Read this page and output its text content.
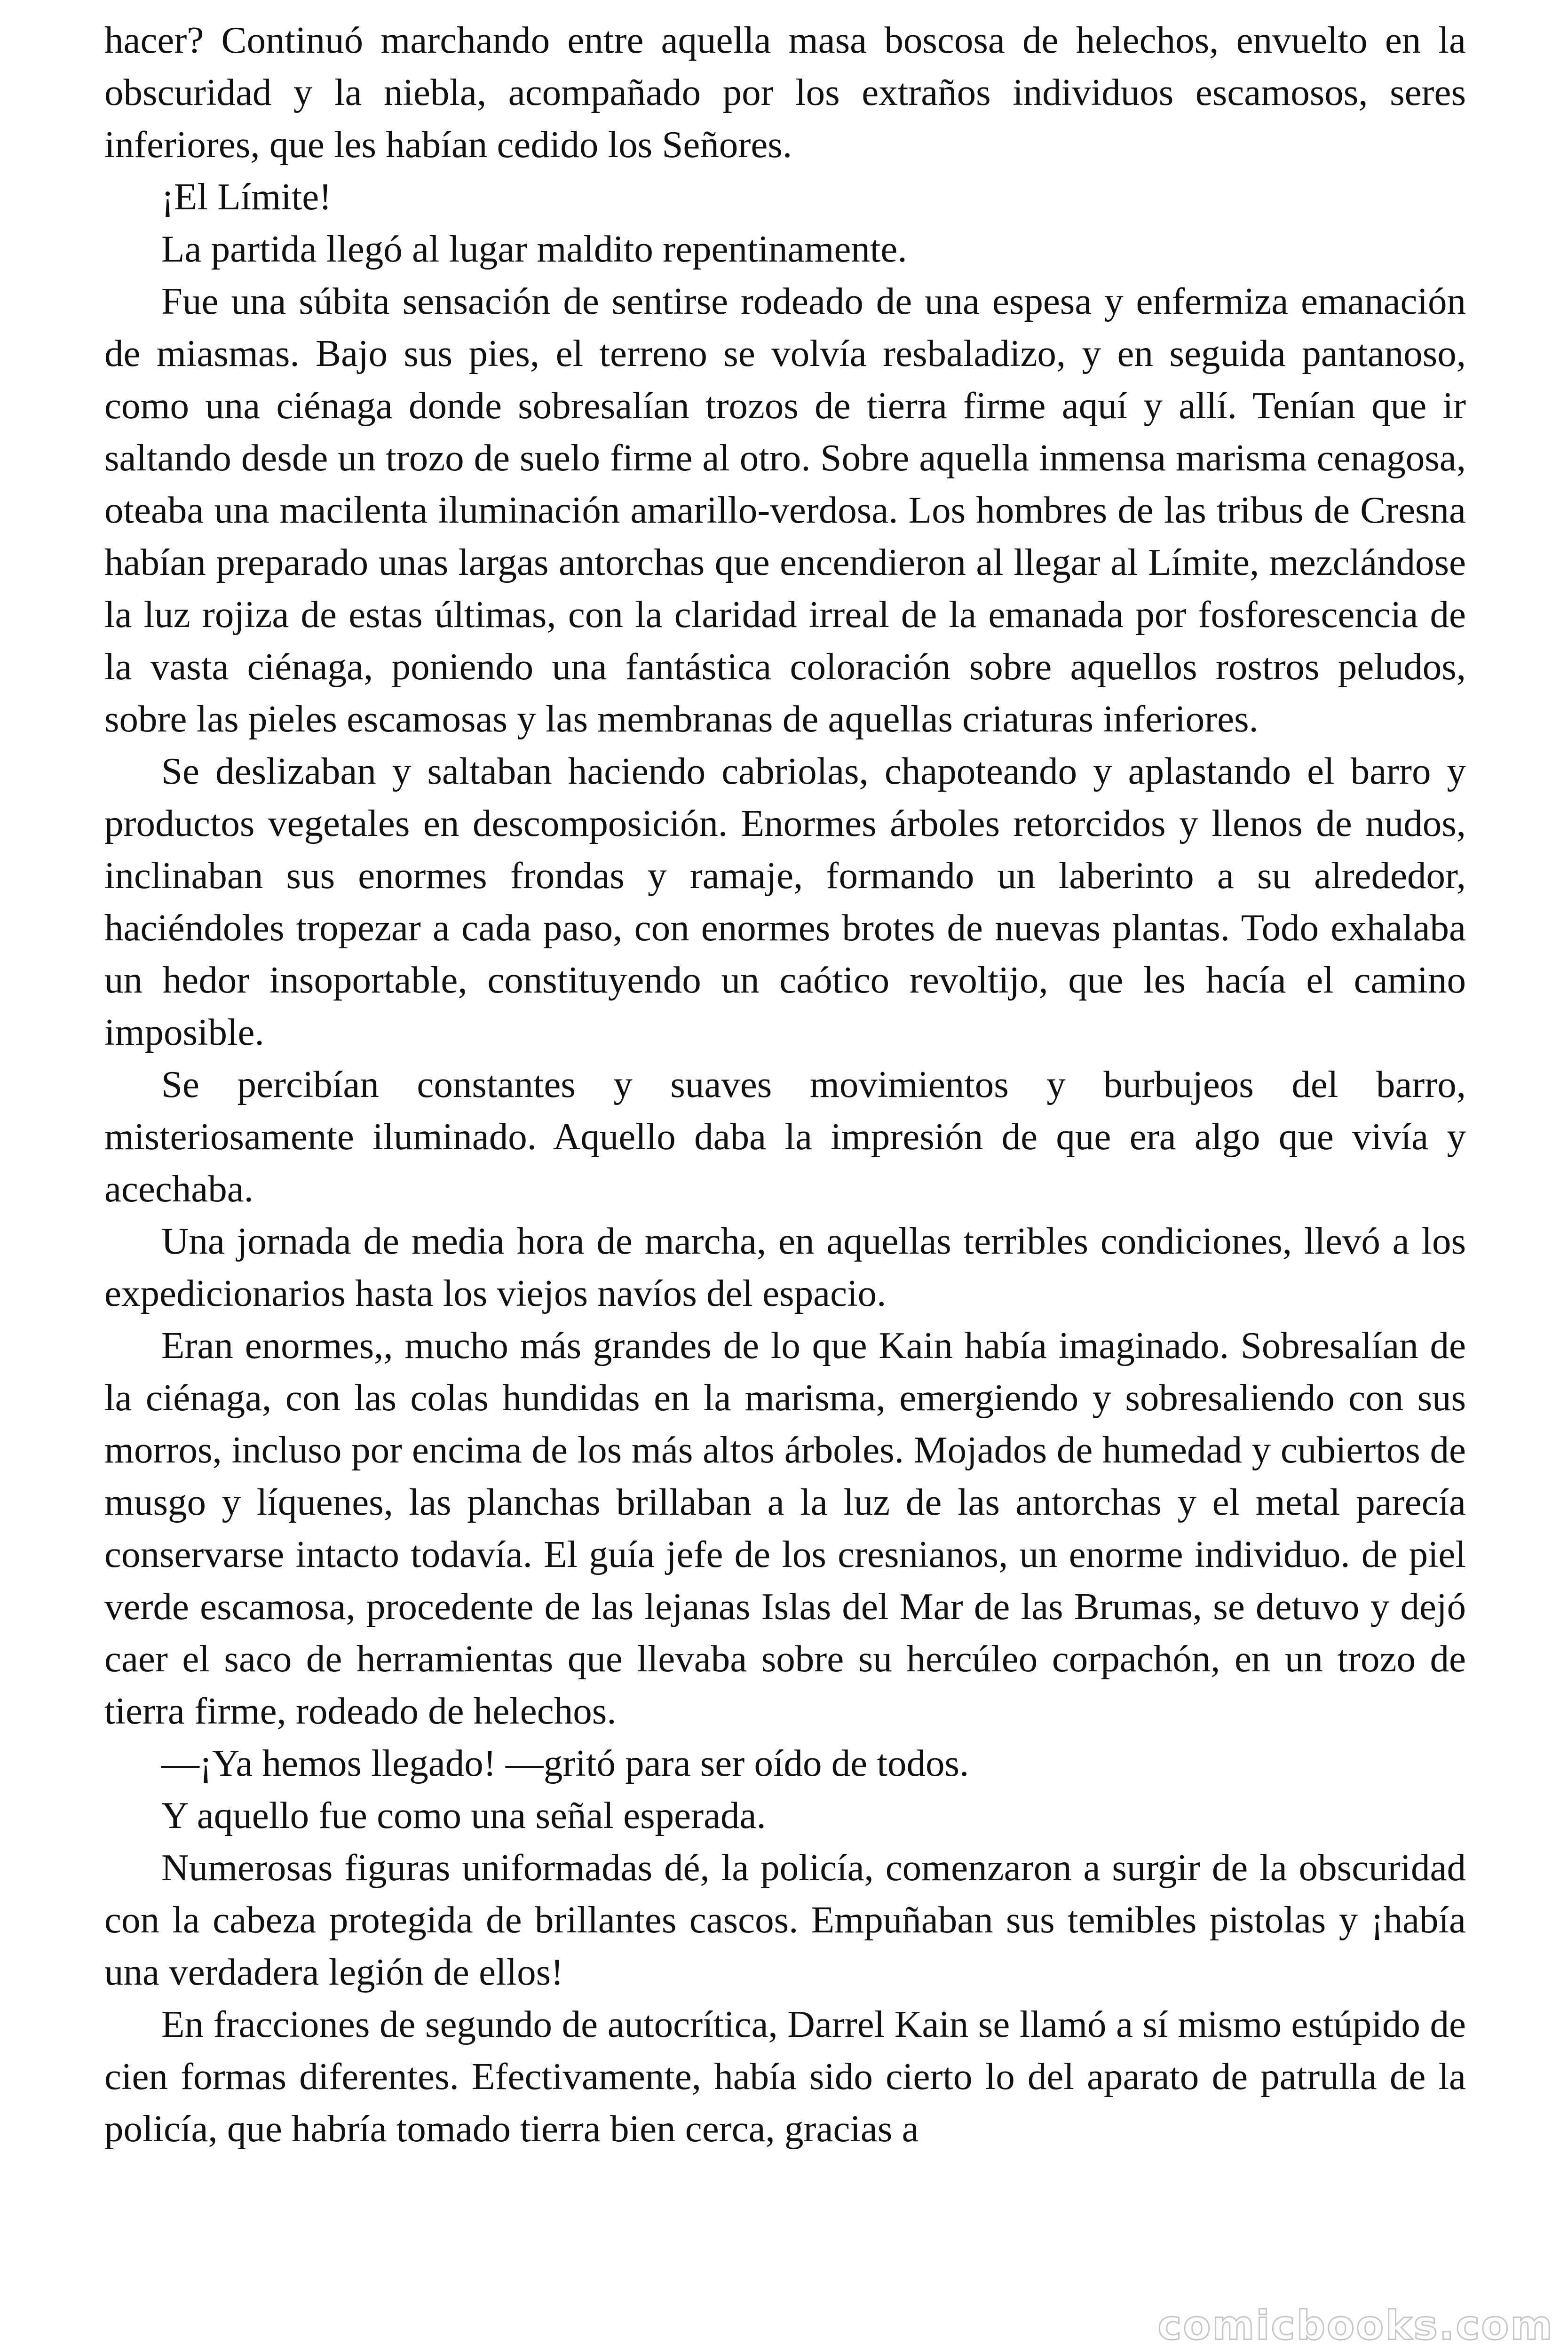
hacer? Continuó marchando entre aquella masa boscosa de helechos, envuelto en la obscuridad y la niebla, acompañado por los extraños individuos escamosos, seres inferiores, que les habían cedido los Señores.

¡El Límite!

La partida llegó al lugar maldito repentinamente.

Fue una súbita sensación de sentirse rodeado de una espesa y enfermiza emanación de miasmas. Bajo sus pies, el terreno se volvía resbaladizo, y en seguida pantanoso, como una ciénaga donde sobresalían trozos de tierra firme aquí y allí. Tenían que ir saltando desde un trozo de suelo firme al otro. Sobre aquella inmensa marisma cenagosa, oteaba una macilenta iluminación amarillo-verdosa. Los hombres de las tribus de Cresna habían preparado unas largas antorchas que encendieron al llegar al Límite, mezclándose la luz rojiza de estas últimas, con la claridad irreal de la emanada por fosforescencia de la vasta ciénaga, poniendo una fantástica coloración sobre aquellos rostros peludos, sobre las pieles escamosas y las membranas de aquellas criaturas inferiores.

Se deslizaban y saltaban haciendo cabriolas, chapoteando y aplastando el barro y productos vegetales en descomposición. Enormes árboles retorcidos y llenos de nudos, inclinaban sus enormes frondas y ramaje, formando un laberinto a su alrededor, haciéndoles tropezar a cada paso, con enormes brotes de nuevas plantas. Todo exhalaba un hedor insoportable, constituyendo un caótico revoltijo, que les hacía el camino imposible.

Se percibían constantes y suaves movimientos y burbujeos del barro, misteriosamente iluminado. Aquello daba la impresión de que era algo que vivía y acechaba.

Una jornada de media hora de marcha, en aquellas terribles condiciones, llevó a los expedicionarios hasta los viejos navíos del espacio.

Eran enormes,, mucho más grandes de lo que Kain había imaginado. Sobresalían de la ciénaga, con las colas hundidas en la marisma, emergiendo y sobresaliendo con sus morros, incluso por encima de los más altos árboles. Mojados de humedad y cubiertos de musgo y líquenes, las planchas brillaban a la luz de las antorchas y el metal parecía conservarse intacto todavía. El guía jefe de los cresnianos, un enorme individuo. de piel verde escamosa, procedente de las lejanas Islas del Mar de las Brumas, se detuvo y dejó caer el saco de herramientas que llevaba sobre su hercúleo corpachón, en un trozo de tierra firme, rodeado de helechos.

—¡Ya hemos llegado! —gritó para ser oído de todos.

Y aquello fue como una señal esperada.

Numerosas figuras uniformadas dé, la policía, comenzaron a surgir de la obscuridad con la cabeza protegida de brillantes cascos. Empuñaban sus temibles pistolas y ¡había una verdadera legión de ellos!

En fracciones de segundo de autocrítica, Darrel Kain se llamó a sí mismo estúpido de cien formas diferentes. Efectivamente, había sido cierto lo del aparato de patrulla de la policía, que habría tomado tierra bien cerca, gracias a

comicbooks.com
